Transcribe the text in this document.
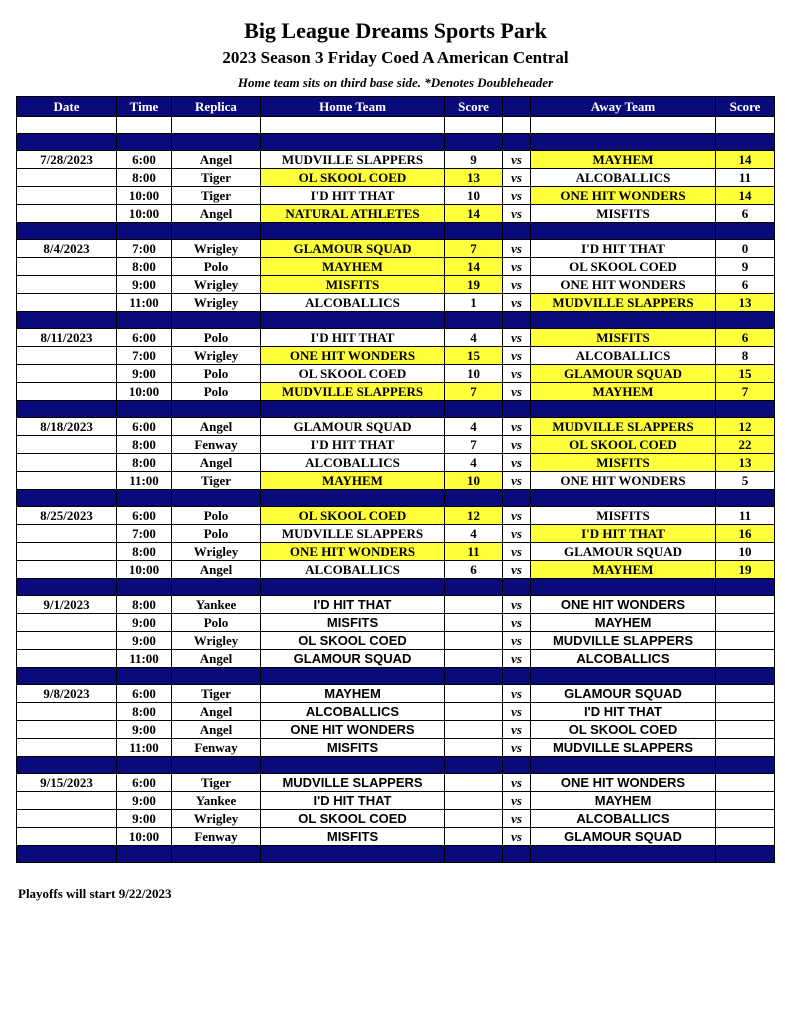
Big League Dreams Sports Park
2023 Season 3 Friday Coed A American Central
Home team sits on third base side. *Denotes Doubleheader
Date	Time	Replica	Home Team	Score		Away Team	Score

7/28/2023	6:00	Angel	MUDVILLE SLAPPERS	9	vs	MAYHEM	14
	8:00	Tiger	OL SKOOL COED	13	vs	ALCOBALLICS	11
	10:00	Tiger	I'D HIT THAT	10	vs	ONE HIT WONDERS	14
	10:00	Angel	NATURAL ATHLETES	14	vs	MISFITS	6

8/4/2023	7:00	Wrigley	GLAMOUR SQUAD	7	vs	I'D HIT THAT	0
	8:00	Polo	MAYHEM	14	vs	OL SKOOL COED	9
	9:00	Wrigley	MISFITS	19	vs	ONE HIT WONDERS	6
	11:00	Wrigley	ALCOBALLICS	1	vs	MUDVILLE SLAPPERS	13

8/11/2023	6:00	Polo	I'D HIT THAT	4	vs	MISFITS	6
	7:00	Wrigley	ONE HIT WONDERS	15	vs	ALCOBALLICS	8
	9:00	Polo	OL SKOOL COED	10	vs	GLAMOUR SQUAD	15
	10:00	Polo	MUDVILLE SLAPPERS	7	vs	MAYHEM	7

8/18/2023	6:00	Angel	GLAMOUR SQUAD	4	vs	MUDVILLE SLAPPERS	12
	8:00	Fenway	I'D HIT THAT	7	vs	OL SKOOL COED	22
	8:00	Angel	ALCOBALLICS	4	vs	MISFITS	13
	11:00	Tiger	MAYHEM	10	vs	ONE HIT WONDERS	5

8/25/2023	6:00	Polo	OL SKOOL COED	12	vs	MISFITS	11
	7:00	Polo	MUDVILLE SLAPPERS	4	vs	I'D HIT THAT	16
	8:00	Wrigley	ONE HIT WONDERS	11	vs	GLAMOUR SQUAD	10
	10:00	Angel	ALCOBALLICS	6	vs	MAYHEM	19

9/1/2023	8:00	Yankee	I'D HIT THAT		vs	ONE HIT WONDERS	
	9:00	Polo	MISFITS		vs	MAYHEM	
	9:00	Wrigley	OL SKOOL COED		vs	MUDVILLE SLAPPERS	
	11:00	Angel	GLAMOUR SQUAD		vs	ALCOBALLICS	

9/8/2023	6:00	Tiger	MAYHEM		vs	GLAMOUR SQUAD	
	8:00	Angel	ALCOBALLICS		vs	I'D HIT THAT	
	9:00	Angel	ONE HIT WONDERS		vs	OL SKOOL COED	
	11:00	Fenway	MISFITS		vs	MUDVILLE SLAPPERS	

9/15/2023	6:00	Tiger	MUDVILLE SLAPPERS		vs	ONE HIT WONDERS	
	9:00	Yankee	I'D HIT THAT		vs	MAYHEM	
	9:00	Wrigley	OL SKOOL COED		vs	ALCOBALLICS	
	10:00	Fenway	MISFITS		vs	GLAMOUR SQUAD	

Playoffs will start 9/22/2023
